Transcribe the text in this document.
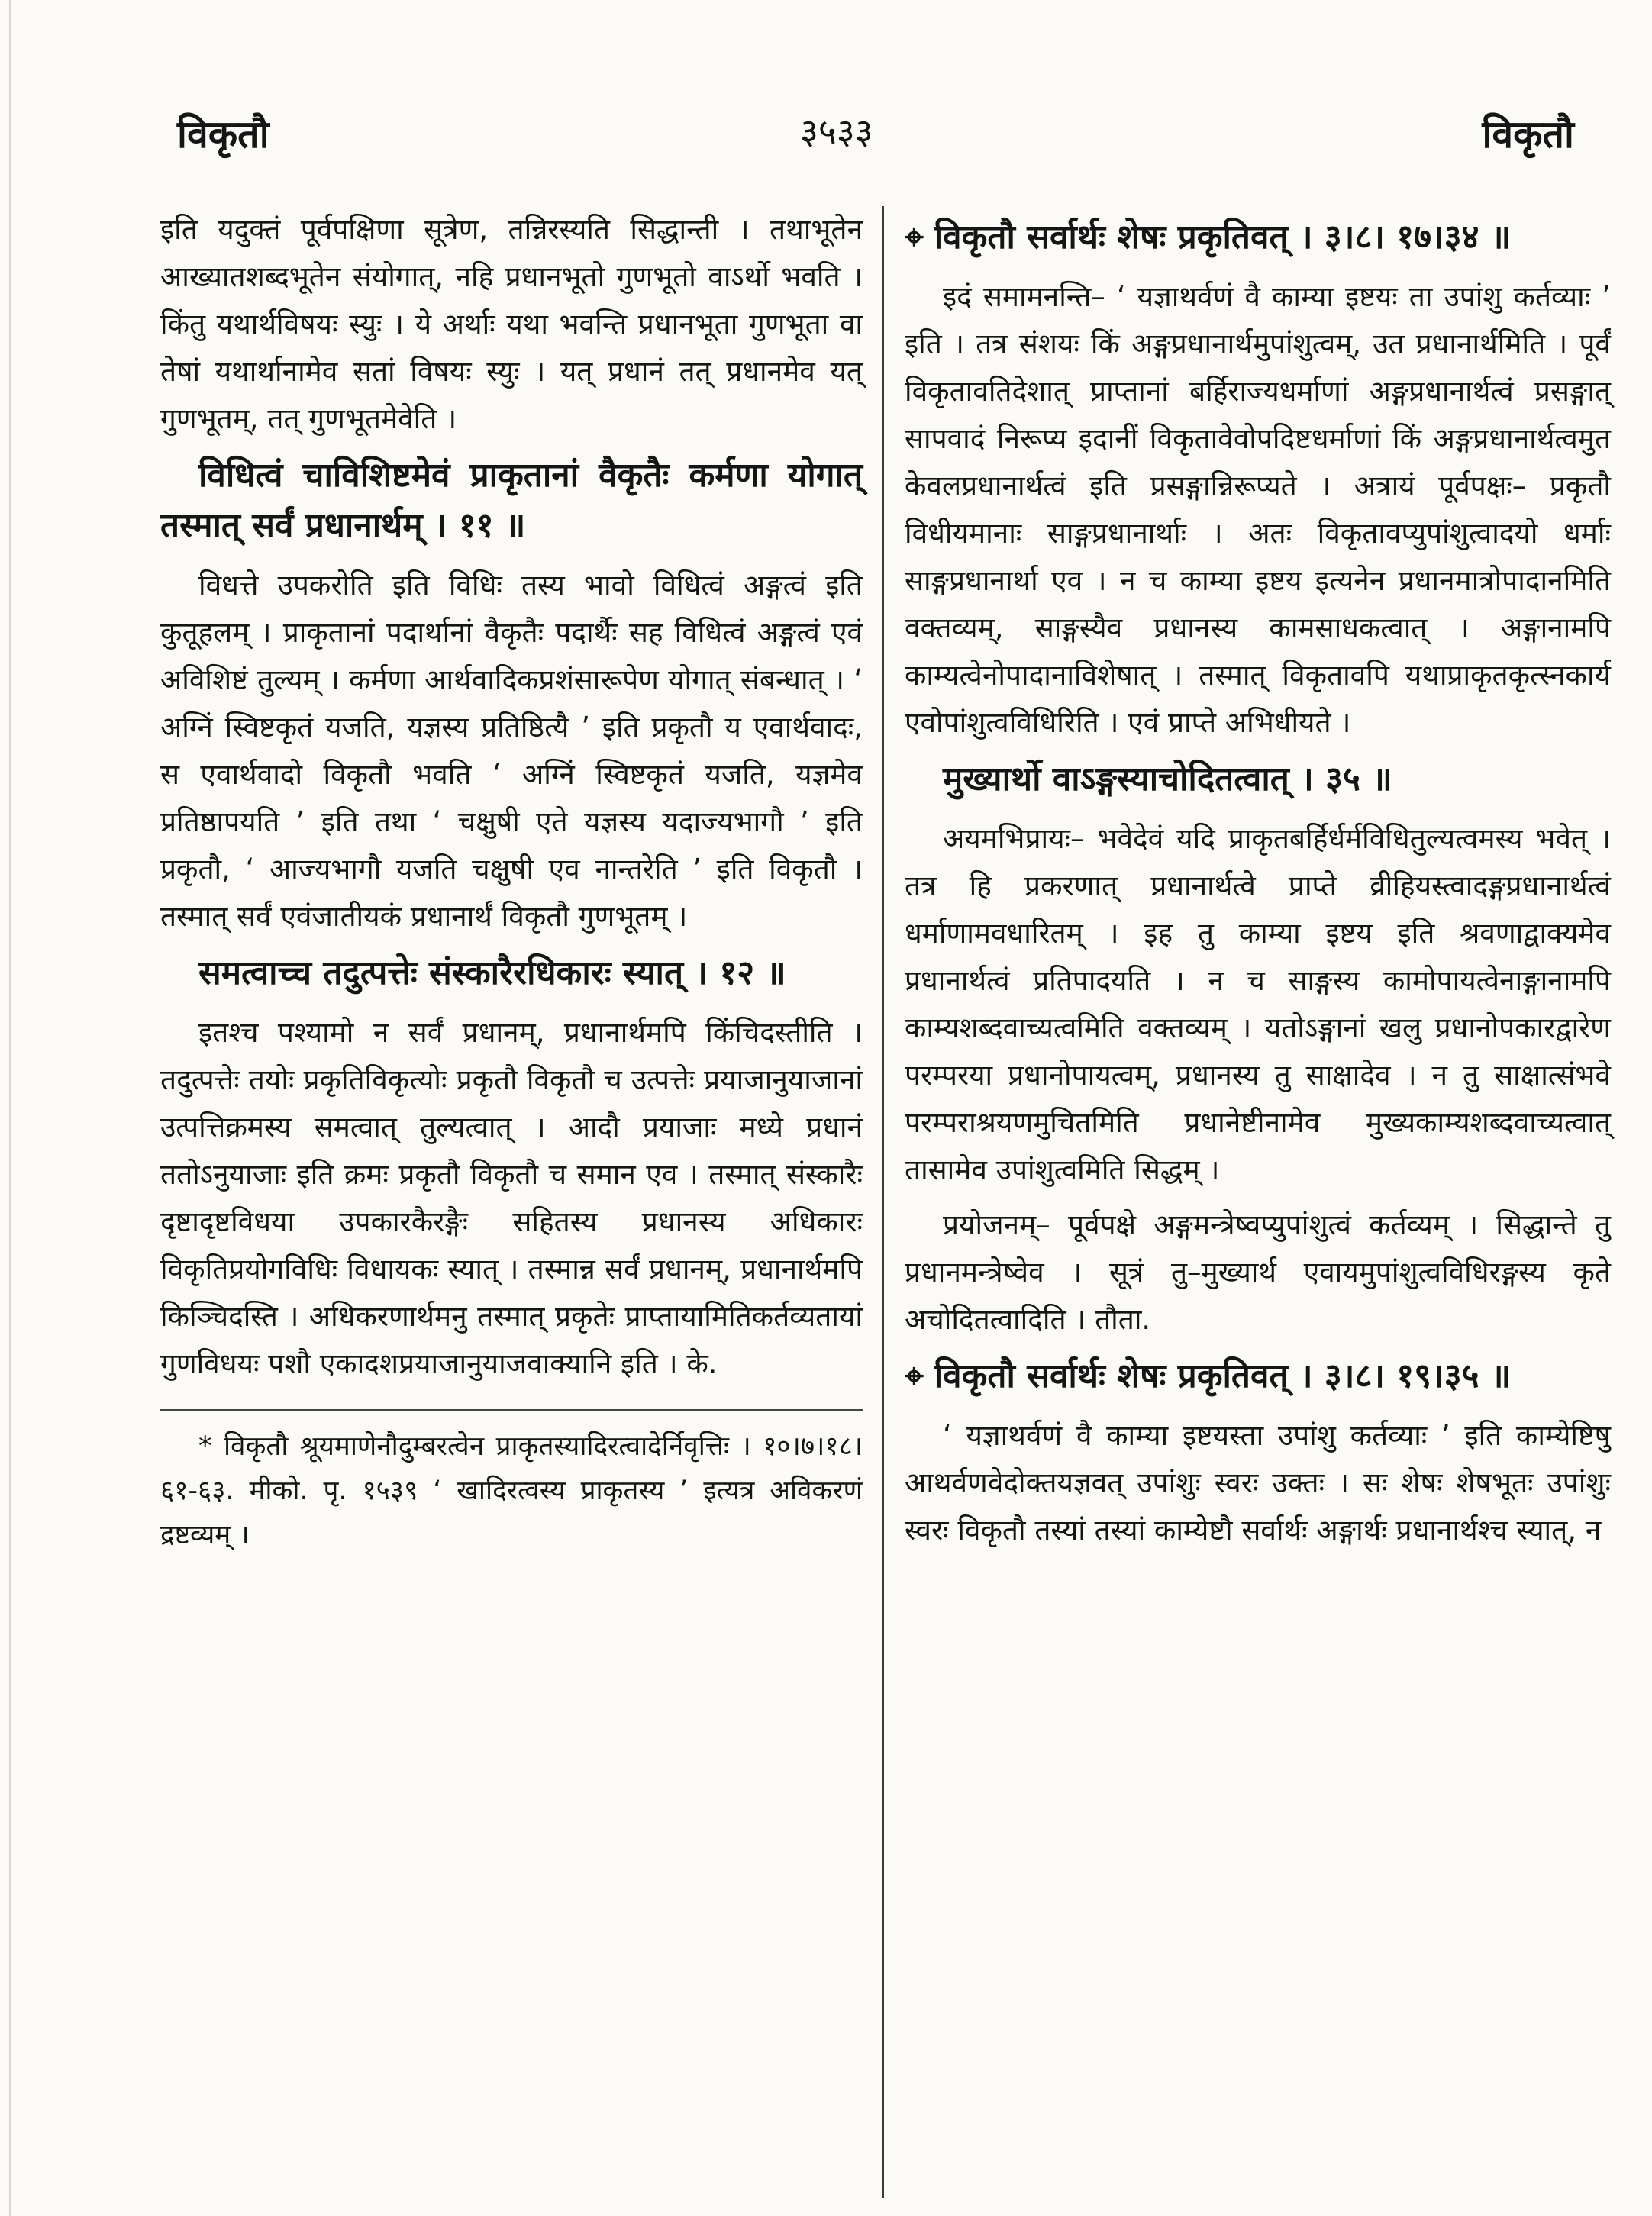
विकृतौ	३५३३	विकृतौ

इति यदुक्तं पूर्वपक्षिणा सूत्रेण, तन्निरस्यति सिद्धान्ती । तथाभूतेन आख्यातशब्दभूतेन संयोगात्, नहि प्रधानभूतो गुणभूतो वाऽर्थो भवति । किंतु यथार्थविषयः स्युः । ये अर्थाः यथा भवन्ति प्रधानभूता गुणभूता वा तेषां यथार्थानामेव सतां विषयः स्युः । यत् प्रधानं तत् प्रधानमेव यत् गुणभूतम्, तत् गुणभूतमेवेति ।

विधित्वं चाविशिष्टमेवं प्राकृतानां वैकृतैः कर्मणा योगात् तस्मात् सर्वं प्रधानार्थम् । ११ ॥

विधत्ते उपकरोति इति विधिः तस्य भावो विधित्वं अङ्गत्वं इति कुतूहलम् । प्राकृतानां पदार्थानां वैकृतैः पदार्थैः सह विधित्वं अङ्गत्वं एवं अविशिष्टं तुल्यम् । कर्मणा आर्थवादिकप्रशंसारूपेण योगात् संबन्धात् । ‘ अग्निं स्विष्टकृतं यजति, यज्ञस्य प्रतिष्ठित्यै ’ इति प्रकृतौ य एवार्थवादः, स एवार्थवादो विकृतौ भवति ‘ अग्निं स्विष्टकृतं यजति, यज्ञमेव प्रतिष्ठापयति ’ इति तथा ‘ चक्षुषी एते यज्ञस्य यदाज्यभागौ ’ इति प्रकृतौ, ‘ आज्यभागौ यजति चक्षुषी एव नान्तरेति ’ इति विकृतौ । तस्मात् सर्वं एवंजातीयकं प्रधानार्थं विकृतौ गुणभूतम् ।

समत्वाच्च तदुत्पत्तेः संस्कारैरधिकारः स्यात् । १२ ॥

इतश्च पश्यामो न सर्वं प्रधानम्, प्रधानार्थमपि किंचिदस्तीति । तदुत्पत्तेः तयोः प्रकृतिविकृत्योः प्रकृतौ विकृतौ च उत्पत्तेः प्रयाजानुयाजानां उत्पत्तिक्रमस्य समत्वात् तुल्यत्वात् । आदौ प्रयाजाः मध्ये प्रधानं ततोऽनुयाजाः इति क्रमः प्रकृतौ विकृतौ च समान एव । तस्मात् संस्कारैः दृष्टादृष्टविधया उपकारकैरङ्गैः सहितस्य प्रधानस्य अधिकारः विकृतिप्रयोगविधिः विधायकः स्यात् । तस्मान्न सर्वं प्रधानम्, प्रधानार्थमपि किञ्चिदस्ति । अधिकरणार्थमनु तस्मात् प्रकृतेः प्राप्तायामितिकर्तव्यतायां गुणविधयः पशौ एकादशप्रयाजानुयाजवाक्यानि इति । के.

* विकृतौ श्रूयमाणेनौदुम्बरत्वेन प्राकृतस्यादिरत्वादेर्निवृत्तिः । १०।७।१८।६१-६३. मीको. पृ. १५३९ ‘ खादिरत्वस्य प्राकृतस्य ’ इत्यत्र अविकरणं द्रष्टव्यम् ।

⌖ विकृतौ सर्वार्थः शेषः प्रकृतिवत् । ३।८। १७।३४ ॥

इदं समामनन्ति– ‘ यज्ञाथर्वणं वै काम्या इष्टयः ता उपांशु कर्तव्याः ’ इति । तत्र संशयः किं अङ्गप्रधानार्थमुपांशुत्वम्, उत प्रधानार्थमिति । पूर्वं विकृतावतिदेशात् प्राप्तानां बर्हिराज्यधर्माणां अङ्गप्रधानार्थत्वं प्रसङ्गात् सापवादं निरूप्य इदानीं विकृतावेवोपदिष्टधर्माणां किं अङ्गप्रधानार्थत्वमुत केवलप्रधानार्थत्वं इति प्रसङ्गान्निरूप्यते । अत्रायं पूर्वपक्षः– प्रकृतौ विधीयमानाः साङ्गप्रधानार्थाः । अतः विकृतावप्युपांशुत्वादयो धर्माः साङ्गप्रधानार्था एव । न च काम्या इष्टय इत्यनेन प्रधानमात्रोपादानमिति वक्तव्यम्, साङ्गस्यैव प्रधानस्य कामसाधकत्वात् । अङ्गानामपि काम्यत्वेनोपादानाविशेषात् । तस्मात् विकृतावपि यथाप्राकृतकृत्स्नकार्य एवोपांशुत्वविधिरिति । एवं प्राप्ते अभिधीयते ।

मुख्यार्थो वाऽङ्गस्याचोदितत्वात् । ३५ ॥

अयमभिप्रायः– भवेदेवं यदि प्राकृतबर्हिर्धर्मविधितुल्यत्वमस्य भवेत् । तत्र हि प्रकरणात् प्रधानार्थत्वे प्राप्ते व्रीहियस्त्वादङ्गप्रधानार्थत्वं धर्माणामवधारितम् । इह तु काम्या इष्टय इति श्रवणाद्वाक्यमेव प्रधानार्थत्वं प्रतिपादयति । न च साङ्गस्य कामोपायत्वेनाङ्गानामपि काम्यशब्दवाच्यत्वमिति वक्तव्यम् । यतोऽङ्गानां खलु प्रधानोपकारद्वारेण परम्परया प्रधानोपायत्वम्, प्रधानस्य तु साक्षादेव । न तु साक्षात्संभवे परम्पराश्रयणमुचितमिति प्रधानेष्टीनामेव मुख्यकाम्यशब्दवाच्यत्वात् तासामेव उपांशुत्वमिति सिद्धम् ।

प्रयोजनम्– पूर्वपक्षे अङ्गमन्त्रेष्वप्युपांशुत्वं कर्तव्यम् । सिद्धान्ते तु प्रधानमन्त्रेष्वेव । सूत्रं तु–मुख्यार्थ एवायमुपांशुत्वविधिरङ्गस्य कृते अचोदितत्वादिति । तौता.

⌖ विकृतौ सर्वार्थः शेषः प्रकृतिवत् । ३।८। १९।३५ ॥

‘ यज्ञाथर्वणं वै काम्या इष्टयस्ता उपांशु कर्तव्याः ’ इति काम्येष्टिषु आथर्वणवेदोक्तयज्ञवत् उपांशुः स्वरः उक्तः । सः शेषः शेषभूतः उपांशुः स्वरः विकृतौ तस्यां तस्यां काम्येष्टौ सर्वार्थः अङ्गार्थः प्रधानार्थश्च स्यात्, न
